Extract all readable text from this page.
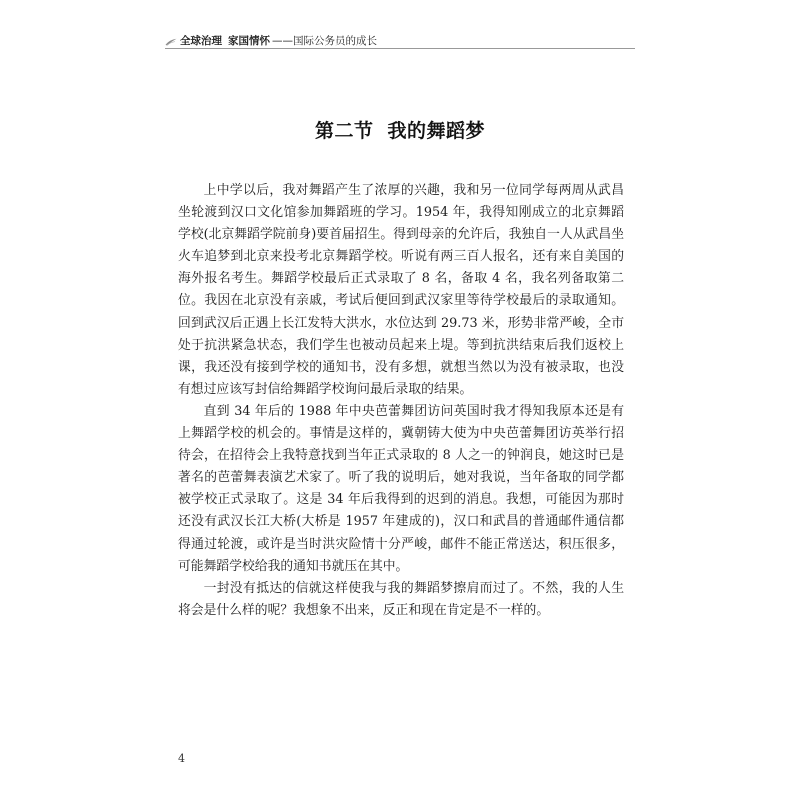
全球治理 家国情怀 ——国际公务员的成长
第二节 我的舞蹈梦

上中学以后，我对舞蹈产生了浓厚的兴趣，我和另一位同学每两周从武昌坐轮渡到汉口文化馆参加舞蹈班的学习。1954 年，我得知刚成立的北京舞蹈学校(北京舞蹈学院前身)要首届招生。得到母亲的允许后，我独自一人从武昌坐火车追梦到北京来投考北京舞蹈学校。听说有两三百人报名，还有来自美国的海外报名考生。舞蹈学校最后正式录取了 8 名，备取 4 名，我名列备取第二位。我因在北京没有亲戚，考试后便回到武汉家里等待学校最后的录取通知。回到武汉后正遇上长江发特大洪水，水位达到 29.73 米，形势非常严峻，全市处于抗洪紧急状态，我们学生也被动员起来上堤。等到抗洪结束后我们返校上课，我还没有接到学校的通知书，没有多想，就想当然以为没有被录取，也没有想过应该写封信给舞蹈学校询问最后录取的结果。

直到 34 年后的 1988 年中央芭蕾舞团访问英国时我才得知我原本还是有上舞蹈学校的机会的。事情是这样的，冀朝铸大使为中央芭蕾舞团访英举行招待会，在招待会上我特意找到当年正式录取的 8 人之一的钟润良，她这时已是著名的芭蕾舞表演艺术家了。听了我的说明后，她对我说，当年备取的同学都被学校正式录取了。这是 34 年后我得到的迟到的消息。我想，可能因为那时还没有武汉长江大桥(大桥是 1957 年建成的)，汉口和武昌的普通邮件通信都得通过轮渡，或许是当时洪灾险情十分严峻，邮件不能正常送达，积压很多，可能舞蹈学校给我的通知书就压在其中。

一封没有抵达的信就这样使我与我的舞蹈梦擦肩而过了。不然，我的人生将会是什么样的呢？我想象不出来，反正和现在肯定是不一样的。

4
